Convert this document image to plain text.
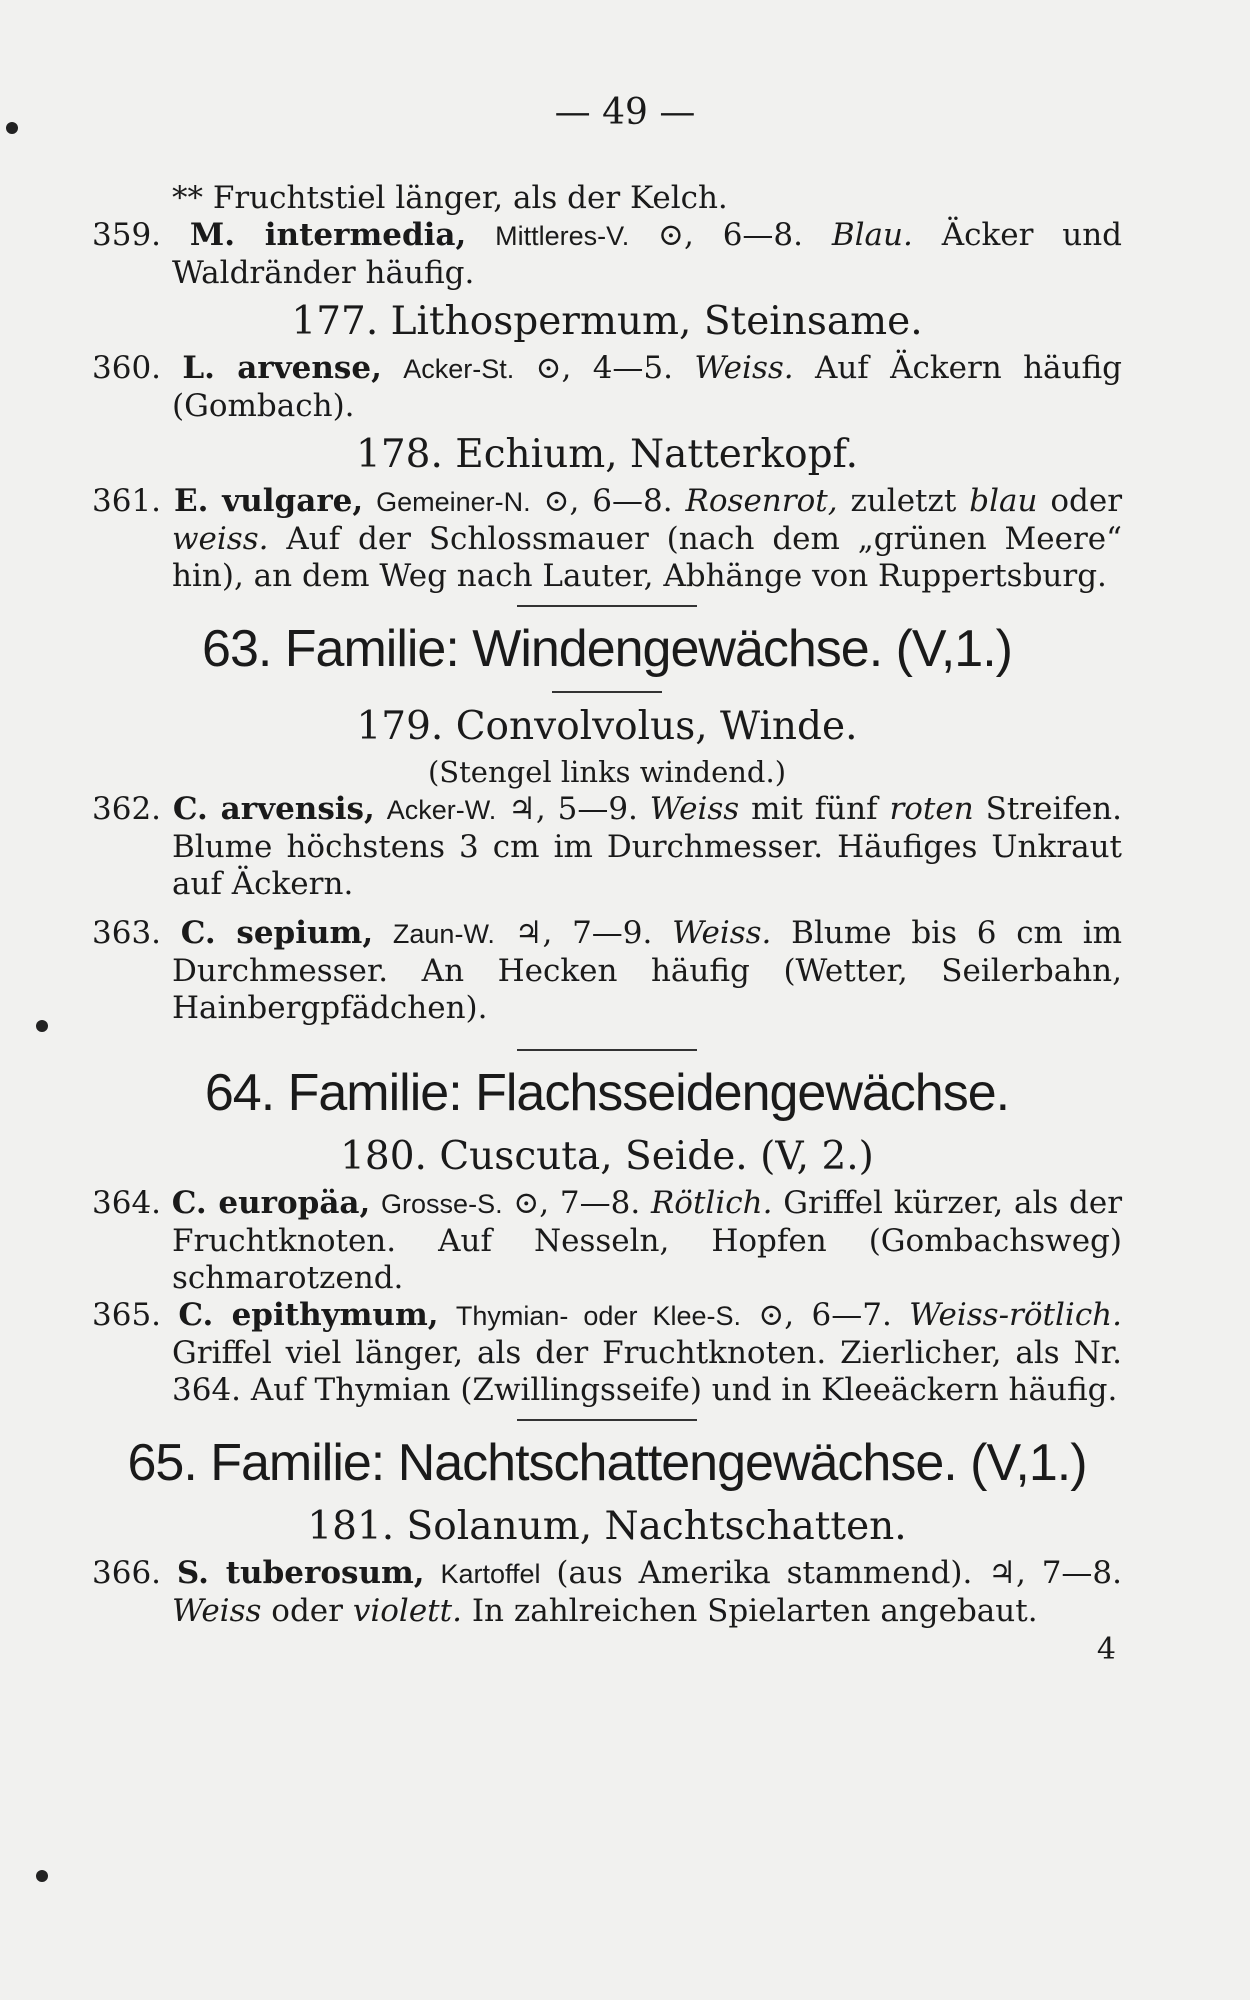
— 49 —

** Fruchtstiel länger, als der Kelch.

359. M. intermedia, Mittleres-V. ⊙, 6—8. Blau. Äcker und Waldränder häufig.

177. Lithospermum, Steinsame.

360. L. arvense, Acker-St. ⊙, 4—5. Weiss. Auf Äckern häufig (Gombach).

178. Echium, Natterkopf.

361. E. vulgare, Gemeiner-N. ⊙, 6—8. Rosenrot, zuletzt blau oder weiss. Auf der Schlossmauer (nach dem „grünen Meere“ hin), an dem Weg nach Lauter, Abhänge von Ruppertsburg.

63. Familie: Windengewächse. (V,1.)
179. Convolvolus, Winde.
(Stengel links windend.)

362. C. arvensis, Acker-W. ♃, 5—9. Weiss mit fünf roten Streifen. Blume höchstens 3 cm im Durchmesser. Häufiges Unkraut auf Äckern.

363. C. sepium, Zaun-W. ♃, 7—9. Weiss. Blume bis 6 cm im Durchmesser. An Hecken häufig (Wetter, Seilerbahn, Hainbergpfädchen).

64. Familie: Flachsseidengewächse.
180. Cuscuta, Seide. (V, 2.)

364. C. europäa, Grosse-S. ⊙, 7—8. Rötlich. Griffel kürzer, als der Fruchtknoten. Auf Nesseln, Hopfen (Gombachsweg) schmarotzend.

365. C. epithymum, Thymian- oder Klee-S. ⊙, 6—7. Weiss-rötlich. Griffel viel länger, als der Fruchtknoten. Zierlicher, als Nr. 364. Auf Thymian (Zwillingsseife) und in Kleeäckern häufig.

65. Familie: Nachtschattengewächse. (V,1.)
181. Solanum, Nachtschatten.

366. S. tuberosum, Kartoffel (aus Amerika stammend). ♃, 7—8. Weiss oder violett. In zahlreichen Spielarten angebaut.

4
